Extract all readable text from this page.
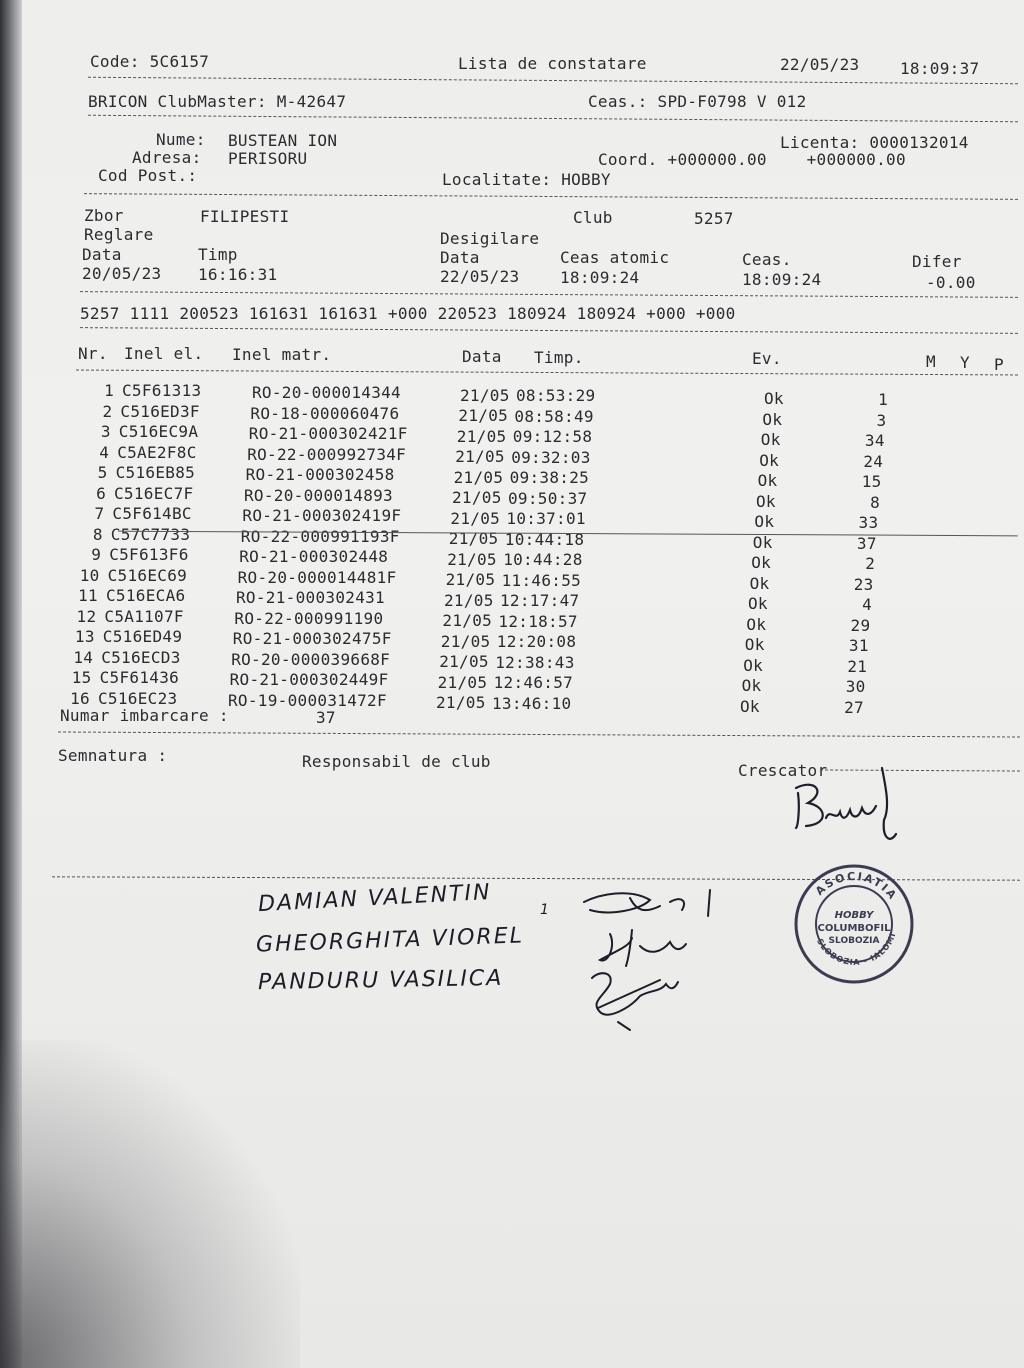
Code: 5C6157	Lista de constatare	22/05/23	18:09:37
BRICON ClubMaster: M-42647	Ceas.: SPD-F0798 V 012
Nume: BUSTEAN ION
Adresa: PERISORU
Cod Post.:
Licenta: 0000132014
Coord. +000000.00    +000000.00
Localitate: HOBBY
Zbor	FILIPESTI	Club	5257
Reglare	Desigilare
Data	Timp	Data	Ceas atomic	Ceas.	Difer
20/05/23 16:16:31	22/05/23	18:09:24	18:09:24	-0.00
5257 1111 200523 161631 161631 +000 220523 180924 180924 +000 +000
Nr. Inel el. Inel matr.	Data Timp.	Ev.	M Y P
1 C5F61313	RO-20-000014344	21/05 08:53:29	Ok	1
2 C516ED3F	RO-18-000060476	21/05 08:58:49	Ok	3
3 C516EC9A	RO-21-000302421F	21/05 09:12:58	Ok	34
4 C5AE2F8C	RO-22-000992734F	21/05 09:32:03	Ok	24
5 C516EB85	RO-21-000302458	21/05 09:38:25	Ok	15
6 C516EC7F	RO-20-000014893	21/05 09:50:37	Ok	8
7 C5F614BC	RO-21-000302419F	21/05 10:37:01	Ok	33
8 C57C7733	RO-22-000991193F	21/05 10:44:18	Ok	37
9 C5F613F6	RO-21-000302448	21/05 10:44:28	Ok	2
10 C516EC69	RO-20-000014481F	21/05 11:46:55	Ok	23
11 C516ECA6	RO-21-000302431	21/05 12:17:47	Ok	4
12 C5A1107F	RO-22-000991190	21/05 12:18:57	Ok	29
13 C516ED49	RO-21-000302475F	21/05 12:20:08	Ok	31
14 C516ECD3	RO-20-000039668F	21/05 12:38:43	Ok	21
15 C5F61436	RO-21-000302449F	21/05 12:46:57	Ok	30
16 C516EC23	RO-19-000031472F	21/05 13:46:10	Ok	27
Numar imbarcare :	37
Semnatura :	Responsabil de club	Crescator
DAMIAN VALENTIN	1
GHEORGHITA VIOREL
PANDURU VASILICA
ASOCIATIA
SLOBOZIA - IALOMI
HOBBY
COLUMBOFIL
SLOBOZIA
